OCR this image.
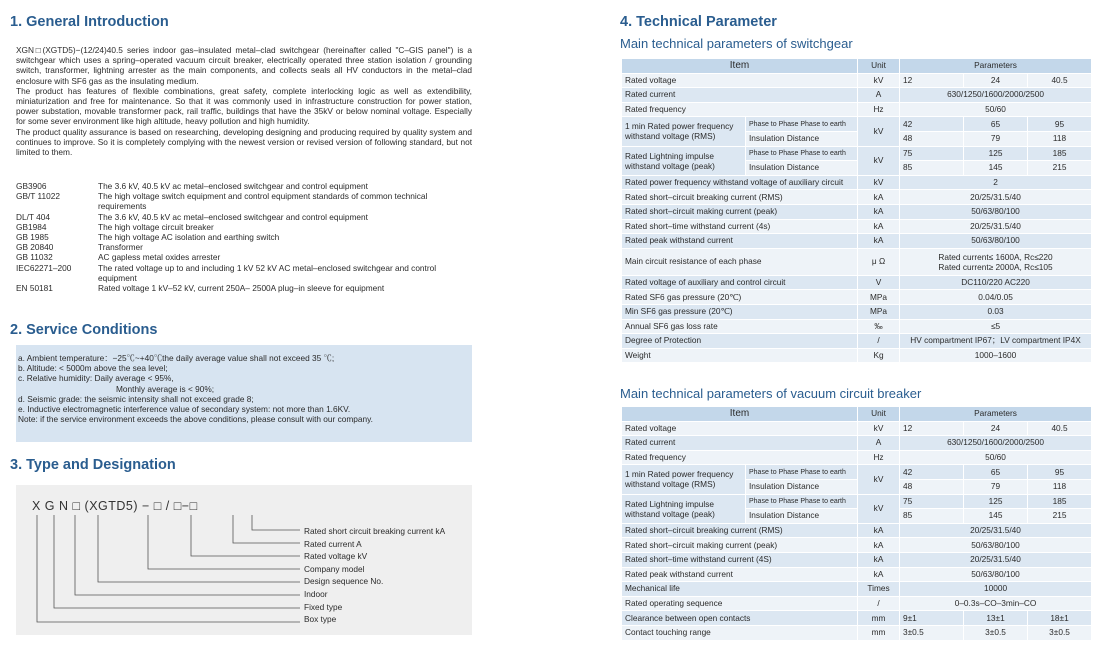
1. General Introduction

XGN□(XGTD5)−(12/24)40.5 series indoor gas–insulated metal–clad switchgear (hereinafter called "C–GIS panel") is a switchgear which uses a spring–operated vacuum circuit breaker, electrically operated three station isolation / grounding switch, transformer, lightning arrester as the main components, and collects seals all HV conductors in the metal–clad enclosure with SF6 gas as the insulating medium.

The product has features of flexible combinations, great safety, complete interlocking logic as well as extendibility, miniaturization and free for maintenance. So that it was commonly used in infrastructure construction for power station, power substation, movable transformer pack, rail traffic, buildings that have the 35kV or below nominal voltage. Especially for some sever environment like high altitude, heavy pollution and high humidity.

The product quality assurance is based on researching, developing designing and producing required by quality system and continues to improve. So it is completely complying with the newest version or revised version of following standard, but not limited to them.

GB3906	The 3.6 kV, 40.5 kV ac metal–enclosed switchgear and control equipment
GB/T 11022	The high voltage switch equipment and control equipment standards of common technical requirements
DL/T 404	The 3.6 kV, 40.5 kV ac metal–enclosed switchgear and control equipment
GB1984	The high voltage circuit breaker
GB 1985	The high voltage AC isolation and earthing switch
GB 20840	Transformer
GB 11032	AC gapless metal oxides arrester
IEC62271–200	The rated voltage up to and including 1 kV 52 kV AC metal–enclosed switchgear and control equipment
EN 50181	Rated voltage 1 kV–52 kV, current 250A– 2500A plug–in sleeve for equipment
2. Service Conditions
a. Ambient temperature：−25℃~+40℃the daily average value shall not exceed 35 ℃;
b. Altitude: < 5000m above the sea level;
c. Relative humidity: Daily average < 95%,
Monthly average is < 90%;
d. Seismic grade: the seismic intensity shall not exceed grade 8;
e. Inductive electromagnetic interference value of secondary system: not more than 1.6KV.
Note: if the service environment exceeds the above conditions, please consult with our company.
3. Type and Designation
X G N □ (XGTD5) − □ / □−□
Rated short circuit breaking current kA
Rated current A
Rated voltage kV
Company model
Design sequence No.
Indoor
Fixed type
Box type
4. Technical Parameter
Main technical parameters of switchgear
Item		Unit	Parameters		
Rated voltage		kV	12	24	40.5
Rated current		A	630/1250/1600/2000/2500		
Rated frequency		Hz	50/60		
1 min Rated power frequency withstand voltage (RMS)	Phase to Phase Phase to earth	kV	42	65	95
	Insulation Distance		48	79	118
Rated Lightning impulse withstand voltage (peak)	Phase to Phase Phase to earth	kV	75	125	185
	Insulation Distance		85	145	215
Rated power frequency withstand voltage of auxiliary circuit		kV	2		
Rated short–circuit breaking current (RMS)		kA	20/25/31.5/40		
Rated short–circuit making current (peak)		kA	50/63/80/100		
Rated short–time withstand current (4s)		kA	20/25/31.5/40		
Rated peak withstand current		kA	50/63/80/100		
Main circuit resistance of each phase		μ Ω	Rated current≤ 1600A, Rc≤220
Rated current≥ 2000A, Rc≤105		

Rated voltage of auxiliary and control circuit		V	DC110/220 AC220		
Rated SF6 gas pressure (20℃)		MPa	0.04/0.05		
Min SF6 gas pressure (20℃)		MPa	0.03		
Annual SF6 gas loss rate		‰	≤5		
Degree of Protection		/	HV compartment IP67；LV compartment IP4X		
Weight		Kg	1000–1600		
Main technical parameters of vacuum circuit breaker
Item		Unit	Parameters		
Rated voltage		kV	12	24	40.5
Rated current		A	630/1250/1600/2000/2500		
Rated frequency		Hz	50/60		
1 min Rated power frequency withstand voltage (RMS)	Phase to Phase Phase to earth	kV	42	65	95
	Insulation Distance		48	79	118
Rated Lightning impulse withstand voltage (peak)	Phase to Phase Phase to earth	kV	75	125	185
	Insulation Distance		85	145	215
Rated short–circuit breaking current (RMS)		kA	20/25/31.5/40		
Rated short–circuit making current (peak)		kA	50/63/80/100		
Rated short–time withstand current (4S)		kA	20/25/31.5/40		
Rated peak withstand current		kA	50/63/80/100		
Mechanical life		Times	10000		
Rated operating sequence		/	0–0.3s–CO–3min–CO		
Clearance between open contacts		mm	9±1	13±1	18±1
Contact touching range		mm	3±0.5	3±0.5	3±0.5
